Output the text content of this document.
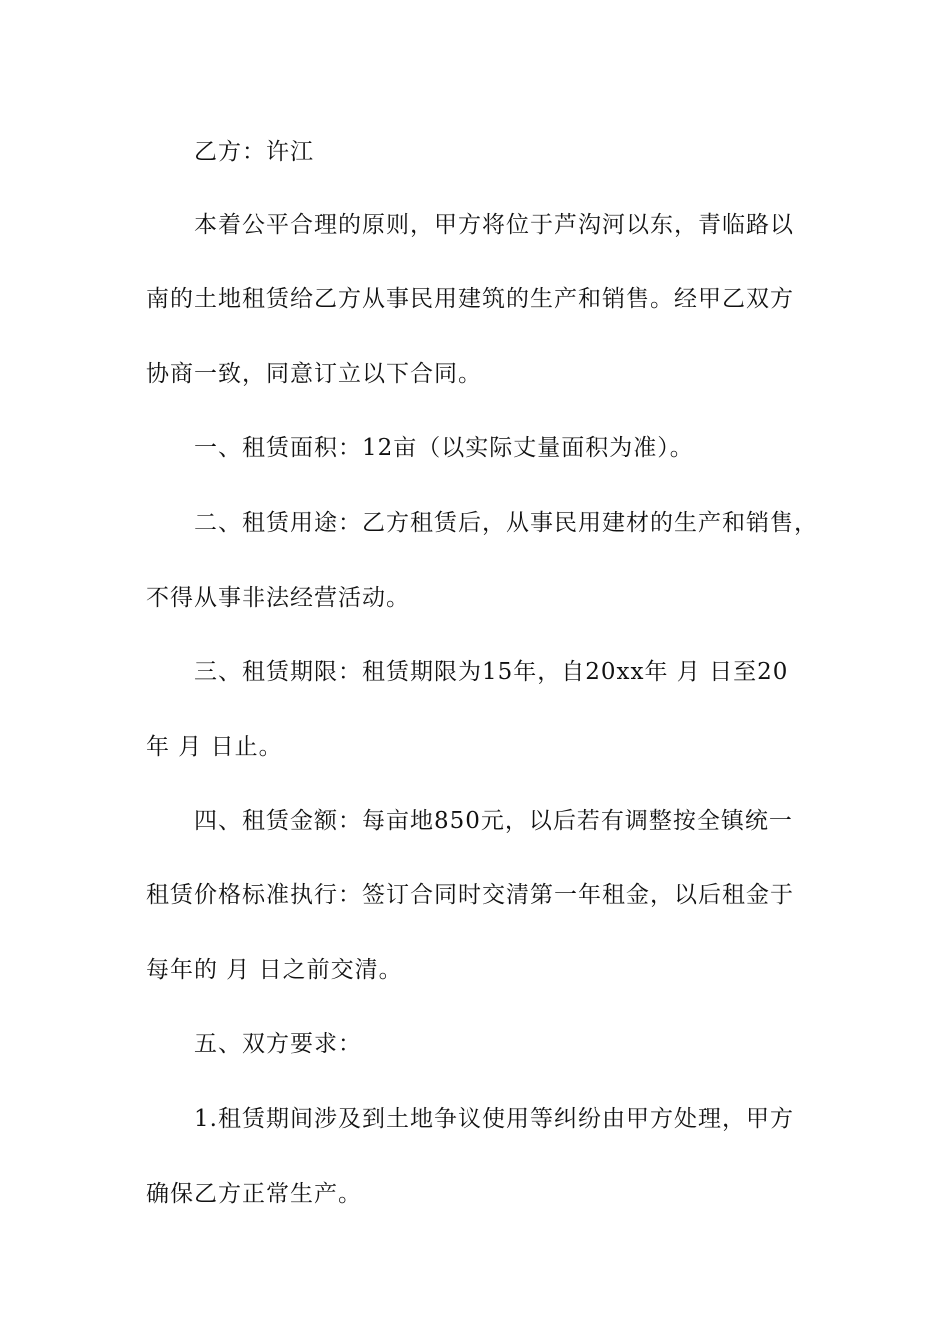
乙方：许江
本着公平合理的原则，甲方将位于芦沟河以东，青临路以
南的土地租赁给乙方从事民用建筑的生产和销售。经甲乙双方
协商一致，同意订立以下合同。
一、租赁面积：12亩（以实际丈量面积为准）。
二、租赁用途：乙方租赁后，从事民用建材的生产和销售，
不得从事非法经营活动。
三、租赁期限：租赁期限为15年，自20xx年 月 日至20
年 月 日止。
四、租赁金额：每亩地850元，以后若有调整按全镇统一
租赁价格标准执行：签订合同时交清第一年租金，以后租金于
每年的 月 日之前交清。
五、双方要求：
1.租赁期间涉及到土地争议使用等纠纷由甲方处理，甲方
确保乙方正常生产。
